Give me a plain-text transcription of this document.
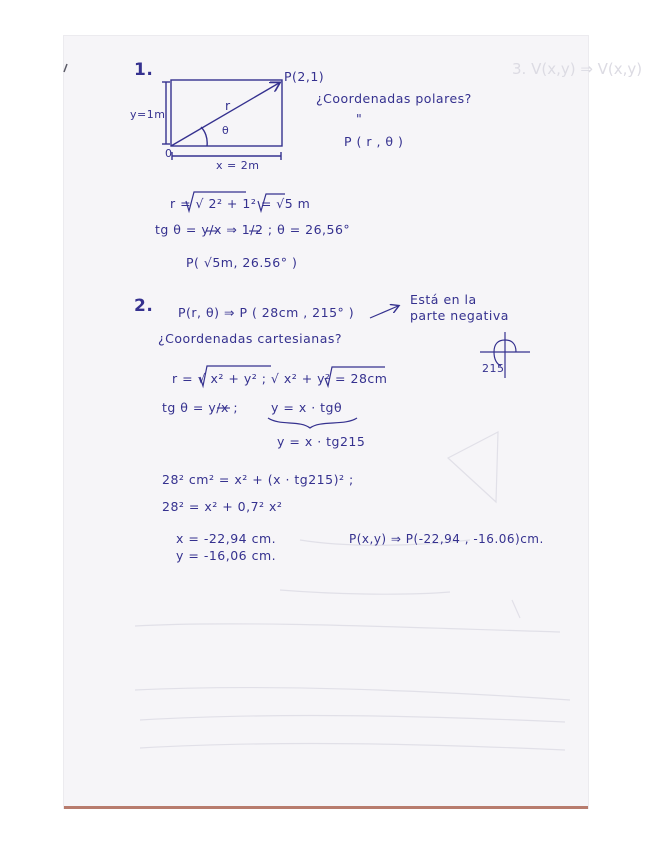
3. V(x,y) ⇒ V(x,y)
1.	P(2,1)
y=1m
r
θ
0
x = 2m
¿Coordenadas polares?
"
P ( r , θ )
r = √ 2² + 1² = √5 m
tg θ = y/x ⇒ 1/2 ; θ = 26,56°
P( √5m, 26.56° )
2. P(r, θ) ⇒ P ( 28cm , 215° )
Está en la
parte negativa
¿Coordenadas cartesianas?
r = √ x² + y² ; √ x² + y² = 28cm
215
tg θ = y/x ;	y = x · tgθ
y = x · tg215
28² cm² = x² + (x · tg215)² ;
28² = x² + 0,7² x²
x = -22,94 cm.
y = -16,06 cm.
P(x,y) ⇒ P(-22,94 , -16.06)cm.
